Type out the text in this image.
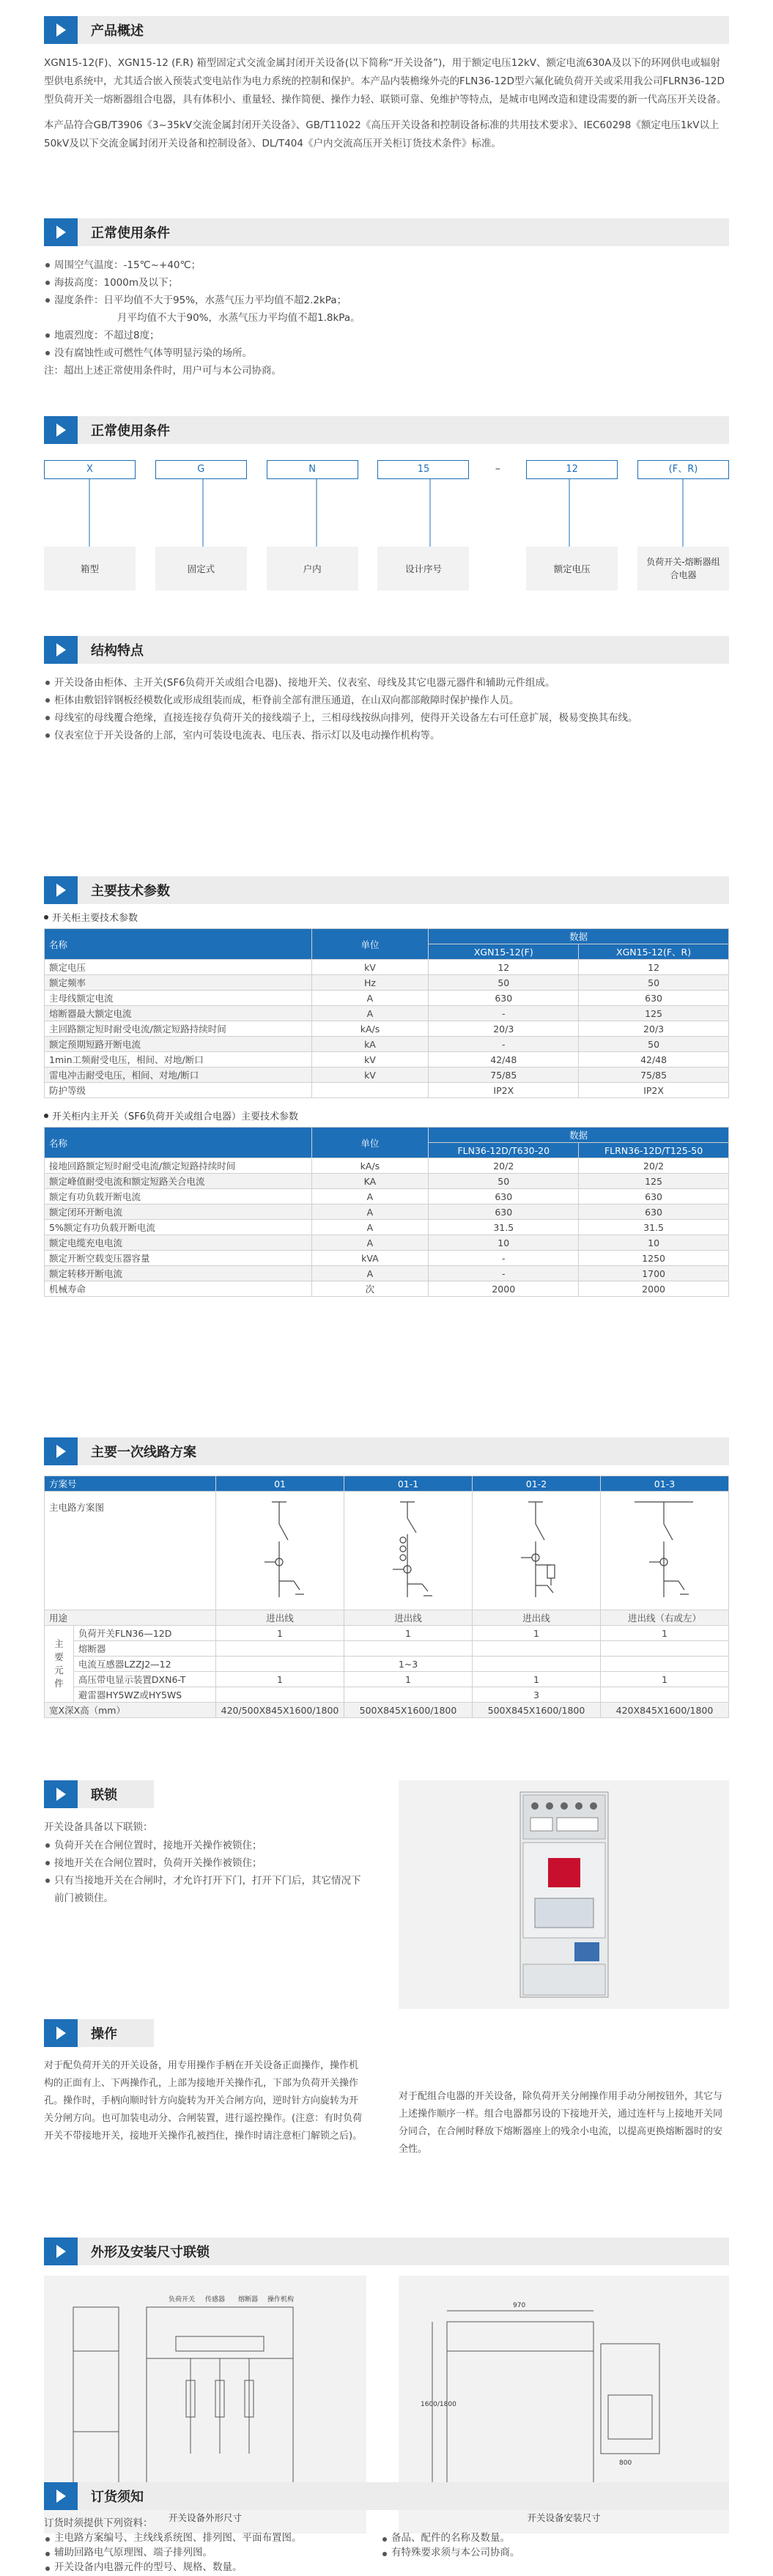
产品概述

XGN15-12(F)、XGN15-12 (F.R) 箱型固定式交流金属封闭开关设备(以下简称“开关设备”)，用于额定电压12kV、额定电流630A及以下的环网供电或辐射型供电系统中，尤其适合嵌入预装式变电站作为电力系统的控制和保护。本产品内装檐缘外壳的FLN36-12D型六氟化硫负荷开关或采用我公司FLRN36-12D型负荷开关一熔断器组合电器，具有体积小、重量轻、操作简便、操作力轻、联锁可靠、免维护等特点，是城市电网改造和建设需要的新一代高压开关设备。

本产品符合GB/T3906《3~35kV交流金属封闭开关设备》、GB/T11022《高压开关设备和控制设备标准的共用技术要求》、IEC60298《额定电压1kV以上50kV及以下交流金属封闭开关设备和控制设备》、DL/T404《户内交流高压开关柜订货技术条件》标准。

正常使用条件
周围空气温度：-15℃~+40℃；
海拔高度：1000m及以下；
湿度条件：日平均值不大于95%，水蒸气压力平均值不超2.2kPa；
月平均值不大于90%，水蒸气压力平均值不超1.8kPa。
地震烈度：不超过8度；
没有腐蚀性或可燃性气体等明显污染的场所。

注：超出上述正常使用条件时，用户可与本公司协商。

正常使用条件
X	G	N	15	–	12	(F、R)
箱型	固定式	户内	设计序号	额定电压
负荷开关-熔断器组合电器
结构特点
开关设备由柜体、主开关(SF6负荷开关或组合电器)、接地开关、仪表室、母线及其它电器元器件和辅助元件组成。
柜体由敷铝锌钢板经模数化或形成组装而成，柜脊前全部有泄压通道，在山双向都部敞障时保护操作人员。
母线室的母线覆合绝缘，直接连接存负荷开关的接线端子上，三相母线按纵向排列，使得开关设备左右可任意扩展，极易变换其布线。
仪表室位于开关设备的上部，室内可装设电流表、电压表、指示灯以及电动操作机构等。
主要技术参数
开关柜主要技术参数
名称	单位	数据	
		XGN15-12(F)	XGN15-12(F、R)
额定电压	kV	12	12
额定频率	Hz	50	50
主母线额定电流	A	630	630
熔断器最大额定电流	A	-	125
主回路额定短时耐受电流/额定短路持续时间	kA/s	20/3	20/3
额定预期短路开断电流	kA	-	50
1min工频耐受电压，相间、对地/断口	kV	42/48	42/48
雷电冲击耐受电压，相间、对地/断口	kV	75/85	75/85
防护等级		IP2X	IP2X
开关柜内主开关（SF6负荷开关或组合电器）主要技术参数
名称	单位	数据	
		FLN36-12D/T630-20	FLRN36-12D/T125-50
接地回路额定短时耐受电流/额定短路持续时间	kA/s	20/2	20/2
额定峰值耐受电流和额定短路关合电流	KA	50	125
额定有功负载开断电流	A	630	630
额定闭环开断电流	A	630	630
5%额定有功负载开断电流	A	31.5	31.5
额定电缆充电电流	A	10	10
额定开断空载变压器容量	kVA	-	1250
额定转移开断电流	A	-	1700
机械寿命	次	2000	2000
主要一次线路方案
方案号		01	01-1	01-2	01-3
主电路方案图				
用途		进出线	进出线	进出线	进出线（右或左）
主要元件	负荷开关FLN36—12D	1	1	1	1
	熔断器				
	电流互感器LZZJ2—12		1~3		
	高压带电显示装置DXN6-T	1	1	1	1
	避雷器HY5WZ或HY5WS			3	
宽X深X高（mm）		420/500X845X1600/1800	500X845X1600/1800	500X845X1600/1800	420X845X1600/1800
联锁

开关设备具备以下联锁：

负荷开关在合闸位置时，接地开关操作被锁住；
接地开关在合闸位置时，负荷开关操作被锁住；
只有当接地开关在合闸时，才允许打开下门，打开下门后，其它情况下前门被锁住。
操作

对于配负荷开关的开关设备，用专用操作手柄在开关设备正面操作，操作机构的正面有上、下两操作孔，上部为接地开关操作孔，下部为负荷开关操作孔。操作时，手柄向顺时针方向旋转为开关合闸方向，逆时针方向旋转为开关分闸方向。也可加装电动分、合闸装置，进行遥控操作。(注意：有时负荷开关不带接地开关，接地开关操作孔被挡住，操作时请注意柜门解锁之后)。

对于配组合电器的开关设备，除负荷开关分闸操作用手动分闸按钮外，其它与上述操作顺序一样。组合电器都另设的下接地开关，通过连杆与上接地开关同分同合，在合闸时释放下熔断器座上的残余小电流，以提高更换熔断器时的安全性。

外形及安装尺寸联锁
负荷开关 传感器 熔断器 操作机构
开关设备外形尺寸
970
1600/1800
800
开关设备安装尺寸
订货须知

订货时须提供下列资料：

主电路方案编号、主线线系统图、排列图、平面布置图。
辅助回路电气原理图、端子排列图。
开关设备内电器元件的型号、规格、数量。
备品、配件的名称及数量。
有特殊要求须与本公司协商。
